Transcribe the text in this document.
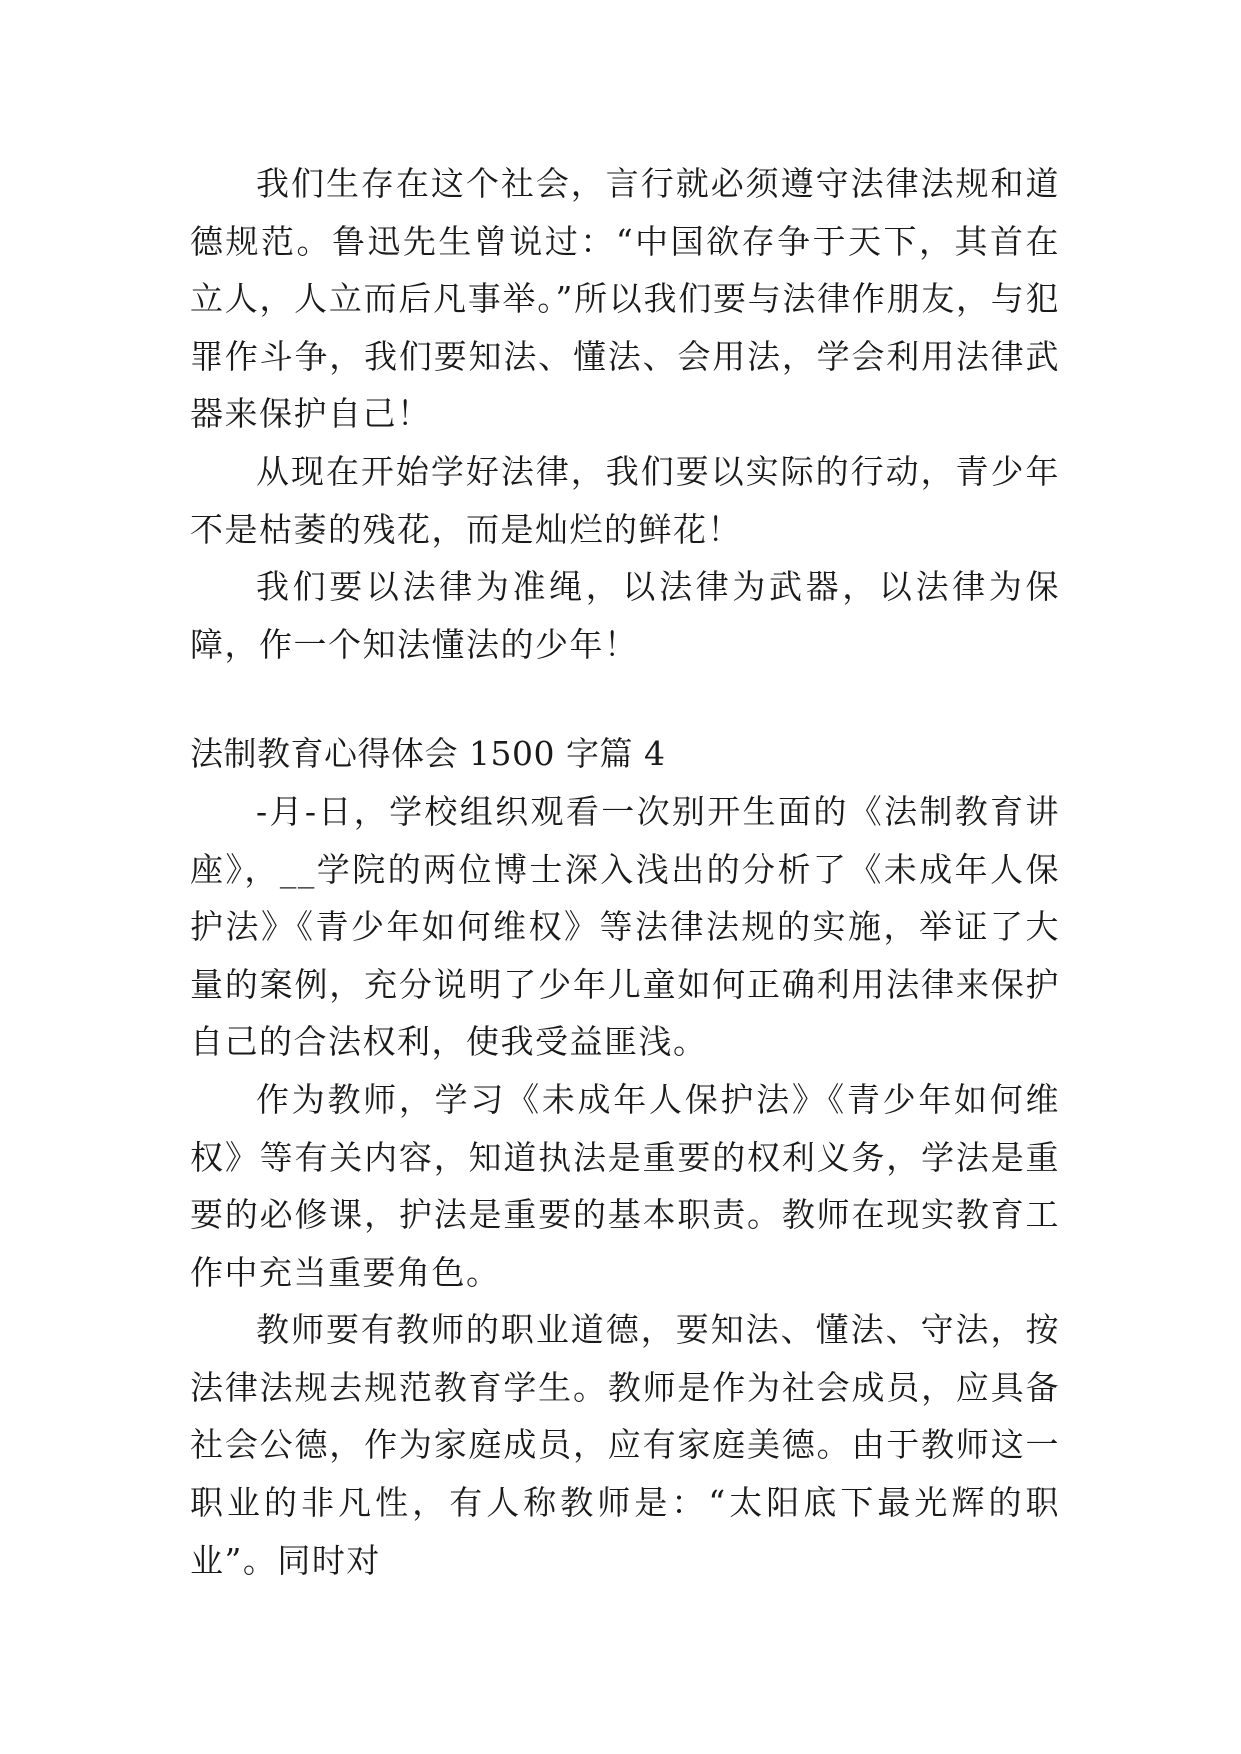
我们生存在这个社会，言行就必须遵守法律法规和道德规范。鲁迅先生曾说过：“中国欲存争于天下，其首在立人，人立而后凡事举。”所以我们要与法律作朋友，与犯罪作斗争，我们要知法、懂法、会用法，学会利用法律武器来保护自己！

从现在开始学好法律，我们要以实际的行动，青少年不是枯萎的残花，而是灿烂的鲜花！

我们要以法律为准绳，以法律为武器，以法律为保障，作一个知法懂法的少年！

法制教育心得体会 1500 字篇 4

-月-日，学校组织观看一次别开生面的《法制教育讲座》，__学院的两位博士深入浅出的分析了《未成年人保护法》《青少年如何维权》等法律法规的实施，举证了大量的案例，充分说明了少年儿童如何正确利用法律来保护自己的合法权利，使我受益匪浅。

作为教师，学习《未成年人保护法》《青少年如何维权》等有关内容，知道执法是重要的权利义务，学法是重要的必修课，护法是重要的基本职责。教师在现实教育工作中充当重要角色。

教师要有教师的职业道德，要知法、懂法、守法，按法律法规去规范教育学生。教师是作为社会成员，应具备社会公德，作为家庭成员，应有家庭美德。由于教师这一职业的非凡性，有人称教师是：“太阳底下最光辉的职业”。同时对
